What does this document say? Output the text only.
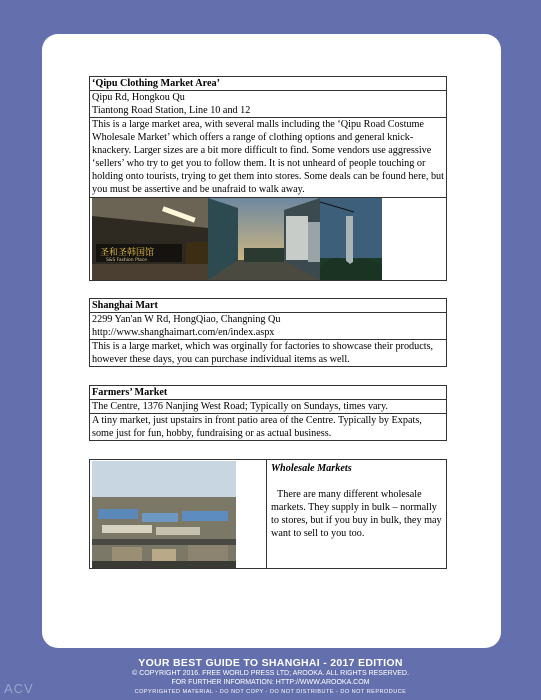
‘Qipu Clothing Market Area’
Qipu Rd, Hongkou Qu
Tiantong Road Station, Line 10 and 12
This is a large market area, with several malls including the ‘Qipu Road Costume Wholesale Market’ which offers a range of clothing options and general knick-knackery. Larger sizes are a bit more difficult to find. Some vendors use aggressive ‘sellers’ who try to get you to follow them. It is not unheard of people touching or holding onto tourists, trying to get them into stores. Some deals can be found here, but you must be assertive and be unafraid to walk away.
圣和圣韩国馆
S&S Fashion Place
Shanghai Mart
2299 Yan'an W Rd, HongQiao, Changning Qu
http://www.shanghaimart.com/en/index.aspx
This is a large market, which was orginally for factories to showcase their products, however these days, you can purchase individual items as well.
Farmers’ Market
The Centre, 1376 Nanjing West Road; Typically on Sundays, times vary.
A tiny market, just upstairs in front patio area of the Centre. Typically by Expats, some just for fun, hobby, fundraising or as actual business.
Wholesale Markets
There are many different wholesale markets. They supply in bulk – normally to stores, but if you buy in bulk, they may want to sell to you too.
YOUR BEST GUIDE TO SHANGHAI - 2017 EDITION
© COPYRIGHT 2016. FREE WORLD PRESS LTD; AROOKA. ALL RIGHTS RESERVED.
FOR FURTHER INFORMATION: HTTP://WWW.AROOKA.COM
COPYRIGHTED MATERIAL - DO NOT COPY - DO NOT DISTRIBUTE - DO NOT REPRODUCE
ACV
